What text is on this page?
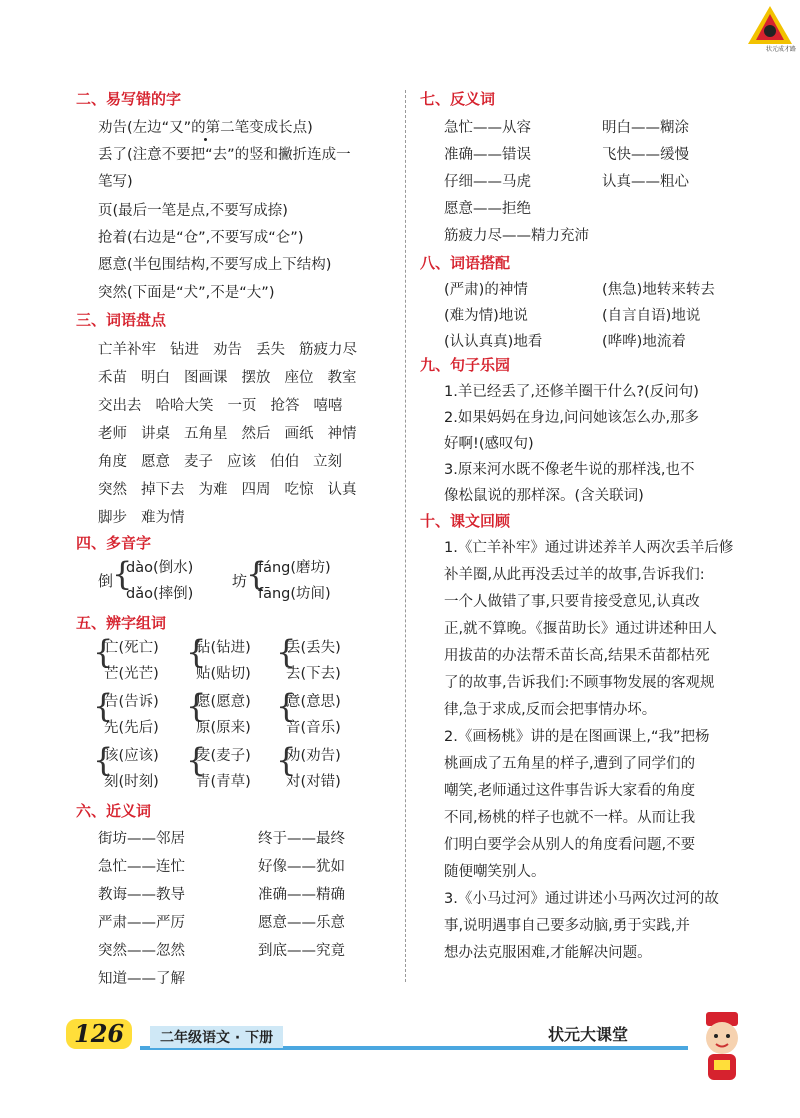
状元成才路
二、易写错的字
劝告(左边“又”的第二笔变成长点)
丢了(注意不要把“去”的竖和撇折连成一
笔写)
页(最后一笔是点,不要写成捺)
抢着(右边是“仓”,不要写成“仑”)
愿意(半包围结构,不要写成上下结构)
突然(下面是“犬”,不是“大”)
三、词语盘点
亡羊补牢 钻进 劝告 丢失 筋疲力尽
禾苗 明白 图画课 摆放 座位 教室
交出去 哈哈大笑 一页 抢答 嘻嘻
老师 讲桌 五角星 然后 画纸 神情
角度 愿意 麦子 应该 伯伯 立刻
突然 掉下去 为难 四周 吃惊 认真
脚步 难为情
四、多音字
倒
{
dào(倒水)
dǎo(摔倒)
坊
{
fáng(磨坊)
fāng(坊间)
五、辨字组词
{
亡(死亡)
芒(光芒)
{
钻(钻进)
贴(贴切)
{
丢(丢失)
去(下去)
{
告(告诉)
先(先后)
{
愿(愿意)
原(原来)
{
意(意思)
音(音乐)
{
该(应该)
刻(时刻)
{
麦(麦子)
青(青草)
{
劝(劝告)
对(对错)
六、近义词
街坊——邻居	终于——最终
急忙——连忙	好像——犹如
教诲——教导	准确——精确
严肃——严厉	愿意——乐意
突然——忽然	到底——究竟
知道——了解
七、反义词
急忙——从容	明白——糊涂
准确——错误	飞快——缓慢
仔细——马虎	认真——粗心
愿意——拒绝
筋疲力尽——精力充沛
八、词语搭配
(严肃)的神情	(焦急)地转来转去
(难为情)地说	(自言自语)地说
(认认真真)地看	(哗哗)地流着
九、句子乐园
1.羊已经丢了,还修羊圈干什么?(反问句)
2.如果妈妈在身边,问问她该怎么办,那多
好啊!(感叹句)
3.原来河水既不像老牛说的那样浅,也不
像松鼠说的那样深。(含关联词)
十、课文回顾
1.《亡羊补牢》通过讲述养羊人两次丢羊后修
补羊圈,从此再没丢过羊的故事,告诉我们:
一个人做错了事,只要肯接受意见,认真改
正,就不算晚。《揠苗助长》通过讲述种田人
用拔苗的办法帮禾苗长高,结果禾苗都枯死
了的故事,告诉我们:不顾事物发展的客观规
律,急于求成,反而会把事情办坏。
2.《画杨桃》讲的是在图画课上,“我”把杨
桃画成了五角星的样子,遭到了同学们的
嘲笑,老师通过这件事告诉大家看的角度
不同,杨桃的样子也就不一样。从而让我
们明白要学会从别人的角度看问题,不要
随便嘲笑别人。
3.《小马过河》通过讲述小马两次过河的故
事,说明遇事自己要多动脑,勇于实践,并
想办法克服困难,才能解决问题。
126	二年级语文 · 下册	状元大课堂
